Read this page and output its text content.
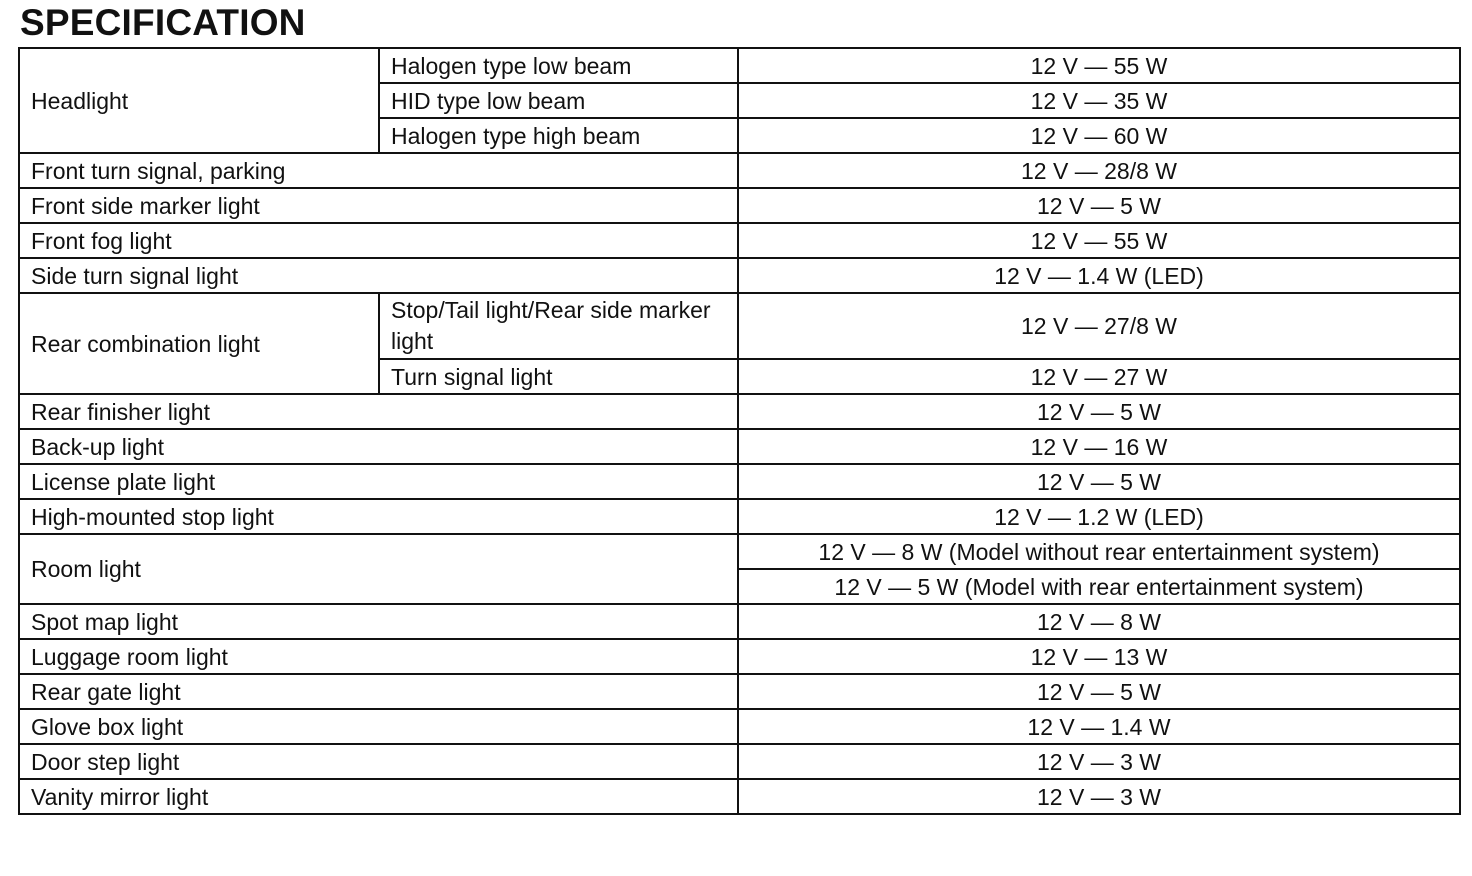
SPECIFICATION
Headlight	Halogen type low beam	12 V — 55 W
	HID type low beam	12 V — 35 W
	Halogen type high beam	12 V — 60 W
Front turn signal, parking		12 V — 28/8 W
Front side marker light		12 V — 5 W
Front fog light		12 V — 55 W
Side turn signal light		12 V — 1.4 W (LED)
Rear combination light	Stop/Tail light/Rear side marker light	12 V — 27/8 W
	Turn signal light	12 V — 27 W
Rear finisher light		12 V — 5 W
Back-up light		12 V — 16 W
License plate light		12 V — 5 W
High-mounted stop light		12 V — 1.2 W (LED)
Room light		12 V — 8 W (Model without rear entertainment system)
		12 V — 5 W (Model with rear entertainment system)
Spot map light		12 V — 8 W
Luggage room light		12 V — 13 W
Rear gate light		12 V — 5 W
Glove box light		12 V — 1.4 W
Door step light		12 V — 3 W
Vanity mirror light		12 V — 3 W
